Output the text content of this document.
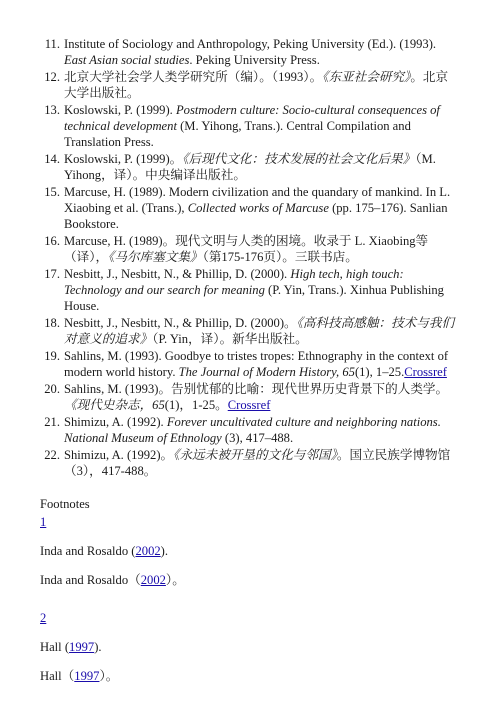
11. Institute of Sociology and Anthropology, Peking University (Ed.). (1993). East Asian social studies. Peking University Press.
12. 北京大学社会学人类学研究所（编）。（1993）。《东亚社会研究》。北京大学出版社。
13. Koslowski, P. (1999). Postmodern culture: Socio-cultural consequences of technical development (M. Yihong, Trans.). Central Compilation and Translation Press.
14. Koslowski, P. (1999)。《后现代文化：技术发展的社会文化后果》（M. Yihong，译）。中央编译出版社。
15. Marcuse, H. (1989). Modern civilization and the quandary of mankind. In L. Xiaobing et al. (Trans.), Collected works of Marcuse (pp. 175–176). Sanlian Bookstore.
16. Marcuse, H. (1989)。现代文明与人类的困境。收录于 L. Xiaobing等（译），《马尔库塞文集》（第175-176页）。三联书店。
17. Nesbitt, J., Nesbitt, N., & Phillip, D. (2000). High tech, high touch: Technology and our search for meaning (P. Yin, Trans.). Xinhua Publishing House.
18. Nesbitt, J., Nesbitt, N., & Phillip, D. (2000)。《高科技高感触：技术与我们对意义的追求》（P. Yin，译）。新华出版社。
19. Sahlins, M. (1993). Goodbye to tristes tropes: Ethnography in the context of modern world history. The Journal of Modern History, 65(1), 1–25.Crossref
20. Sahlins, M. (1993)。告别忧郁的比喻：现代世界历史背景下的人类学。《现代史杂志，65(1)，1-25。Crossref
21. Shimizu, A. (1992). Forever uncultivated culture and neighboring nations. National Museum of Ethnology (3), 417–488.
22. Shimizu, A. (1992)。《永远未被开垦的文化与邻国》。国立民族学博物馆（3），417-488。
Footnotes
1
Inda and Rosaldo (2002).
Inda and Rosaldo（2002）。
2
Hall (1997).
Hall（1997）。
